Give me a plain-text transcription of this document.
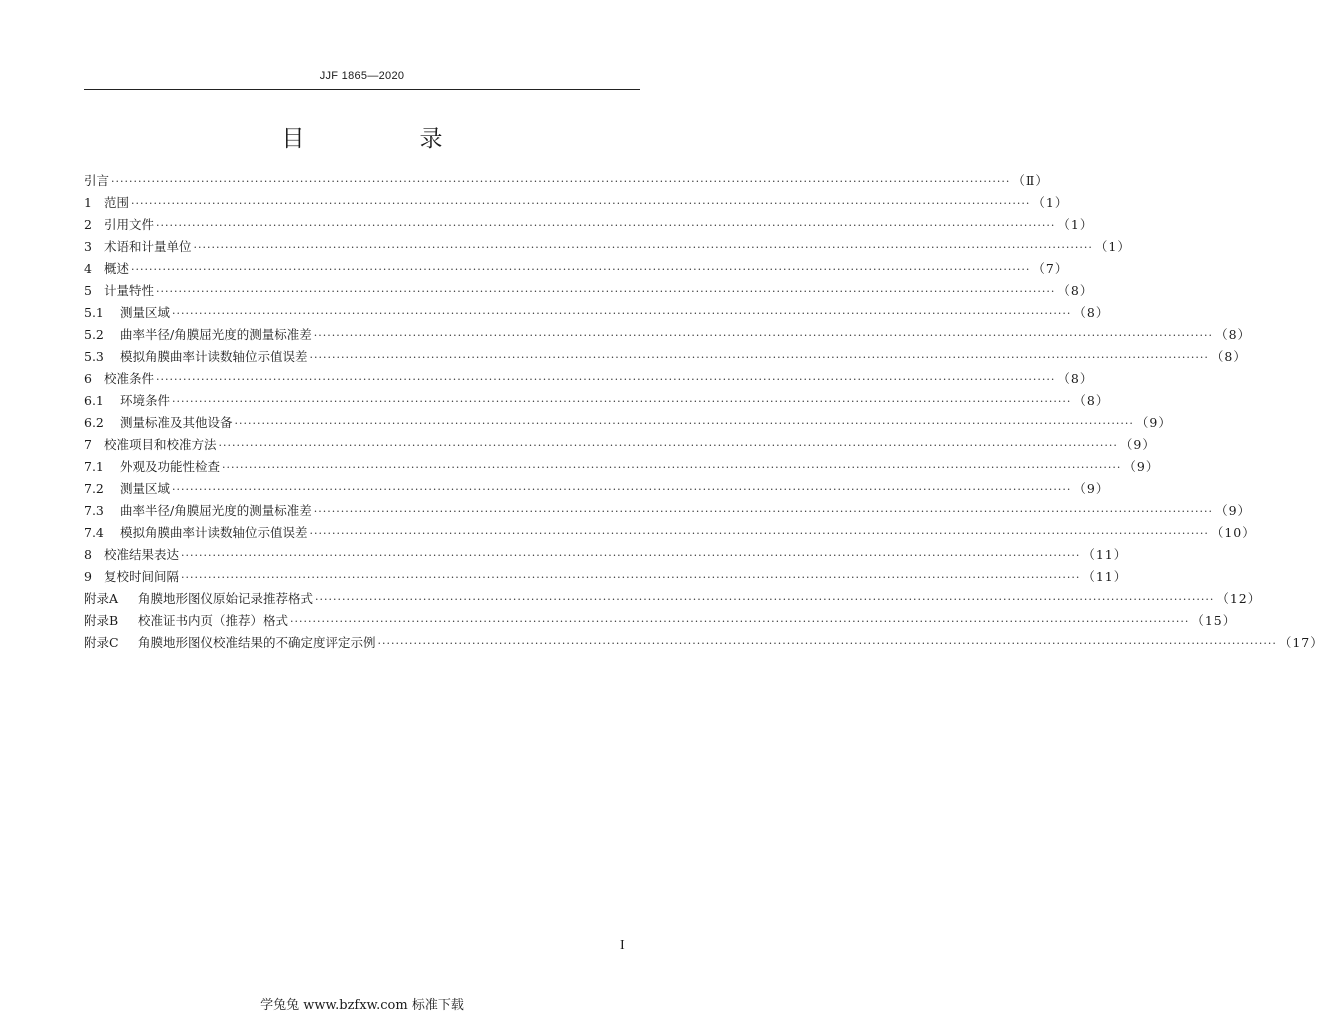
JJF 1865—2020
目　录
引言 ········································································································································································································ （Ⅱ）
1 范围 ········································································································································································································ （1）
2 引用文件 ········································································································································································································ （1）
3 术语和计量单位 ········································································································································································································ （1）
4 概述 ········································································································································································································ （7）
5 计量特性 ········································································································································································································ （8）
5.1	测量区域 ········································································································································································································ （8）
5.2	曲率半径/角膜屈光度的测量标准差 ········································································································································································································ （8）
5.3	模拟角膜曲率计读数轴位示值误差 ········································································································································································································ （8）
6 校准条件 ········································································································································································································ （8）
6.1	环境条件 ········································································································································································································ （8）
6.2	测量标准及其他设备 ········································································································································································································ （9）
7 校准项目和校准方法 ········································································································································································································ （9）
7.1	外观及功能性检查 ········································································································································································································ （9）
7.2	测量区域 ········································································································································································································ （9）
7.3	曲率半径/角膜屈光度的测量标准差 ········································································································································································································ （9）
7.4	模拟角膜曲率计读数轴位示值误差 ········································································································································································································ （10）
8 校准结果表达 ········································································································································································································ （11）
9 复校时间间隔 ········································································································································································································ （11）
附录A	角膜地形图仪原始记录推荐格式 ········································································································································································································ （12）
附录B	校准证书内页（推荐）格式 ········································································································································································································ （15）
附录C	角膜地形图仪校准结果的不确定度评定示例 ········································································································································································································ （17）
I
学兔兔 www.bzfxw.com 标准下载
